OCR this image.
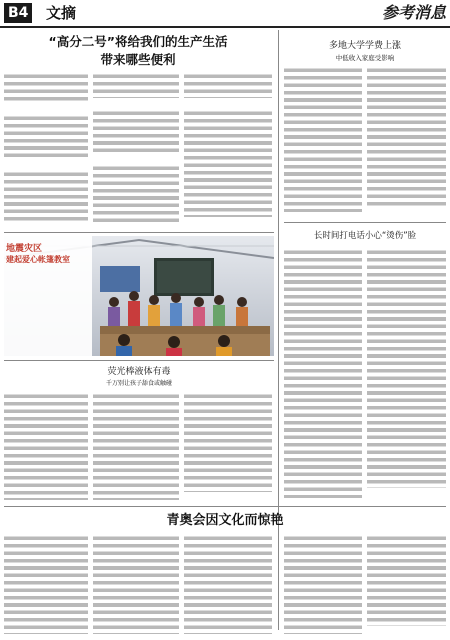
B4 文摘	参考消息
“高分二号”将给我们的生产生活
带来哪些便利
多地大学学费上涨
中低收入家庭受影响
地震灾区
建起爱心帐篷教室
长时间打电话小心“烫伤”脸
荧光棒液体有毒
千万别让孩子舔食或触碰
青奥会因文化而惊艳
